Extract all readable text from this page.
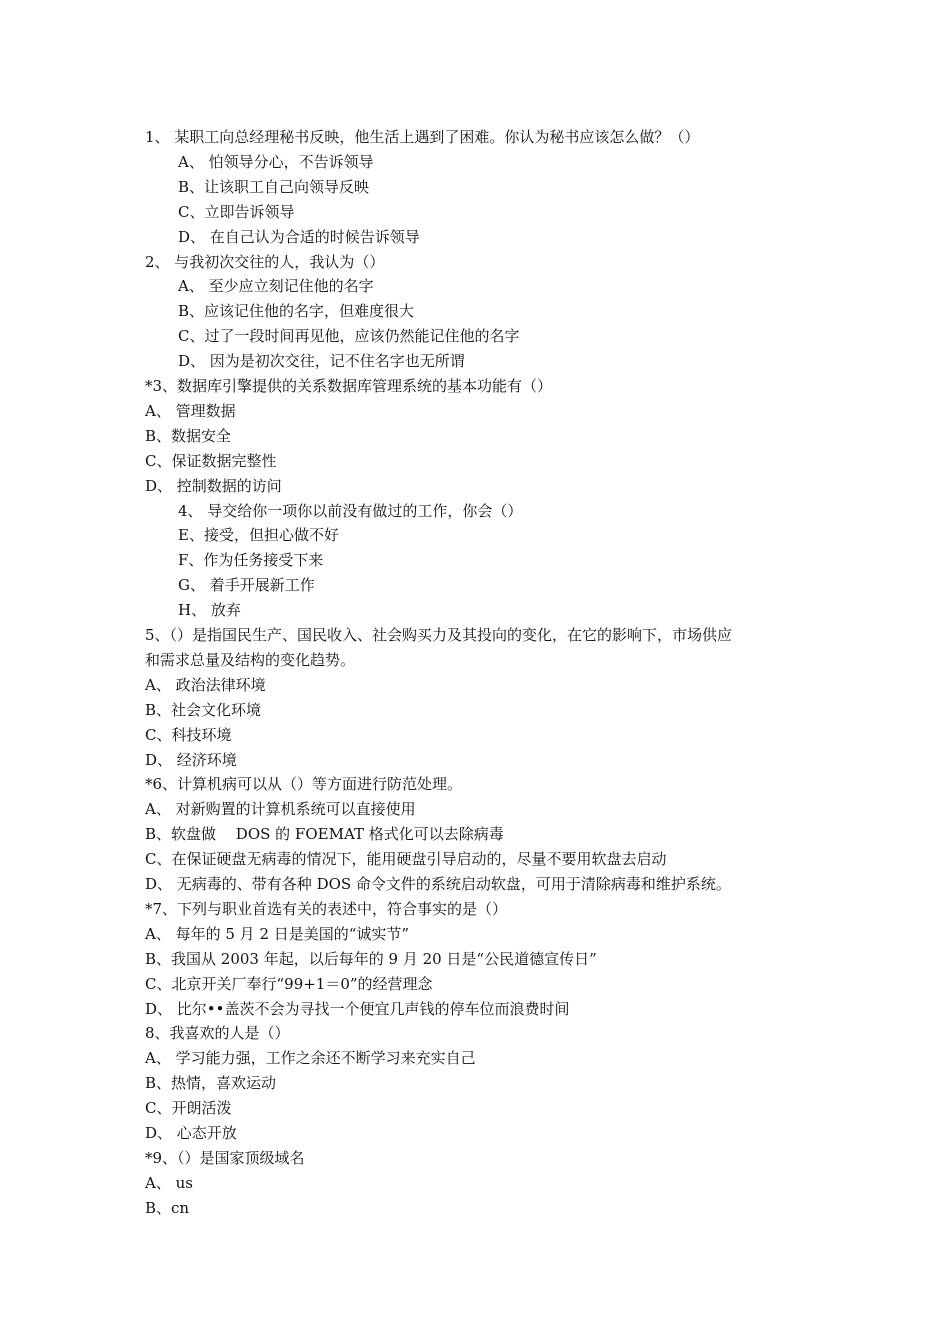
1、 某职工向总经理秘书反映，他生活上遇到了困难。你认为秘书应该怎么做？（）
A、 怕领导分心，不告诉领导
B、让该职工自己向领导反映
C、立即告诉领导
D、 在自己认为合适的时候告诉领导
2、 与我初次交往的人，我认为（）
A、 至少应立刻记住他的名字
B、应该记住他的名字，但难度很大
C、过了一段时间再见他，应该仍然能记住他的名字
D、 因为是初次交往，记不住名字也无所谓
*3、数据库引擎提供的关系数据库管理系统的基本功能有（）
A、 管理数据
B、数据安全
C、保证数据完整性
D、 控制数据的访问
4、 导交给你一项你以前没有做过的工作，你会（）
E、接受，但担心做不好
F、作为任务接受下来
G、 着手开展新工作
H、 放弃
5、（）是指国民生产、国民收入、社会购买力及其投向的变化，在它的影响下，市场供应
和需求总量及结构的变化趋势。
A、 政治法律环境
B、社会文化环境
C、科技环境
D、 经济环境
*6、计算机病可以从（）等方面进行防范处理。
A、 对新购置的计算机系统可以直接使用
B、软盘做 　DOS 的 FOEMAT 格式化可以去除病毒
C、在保证硬盘无病毒的情况下，能用硬盘引导启动的，尽量不要用软盘去启动
D、 无病毒的、带有各种 DOS 命令文件的系统启动软盘，可用于清除病毒和维护系统。
*7、下列与职业首选有关的表述中，符合事实的是（）
A、 每年的 5 月 2 日是美国的“诚实节”
B、我国从 2003 年起，以后每年的 9 月 20 日是“公民道德宣传日”
C、北京开关厂奉行“99+1＝0”的经营理念
D、 比尔••盖茨不会为寻找一个便宜几声钱的停车位而浪费时间
8、我喜欢的人是（）
A、 学习能力强，工作之余还不断学习来充实自己
B、热情，喜欢运动
C、开朗活泼
D、 心态开放
*9、（）是国家顶级域名
A、 us
B、cn
